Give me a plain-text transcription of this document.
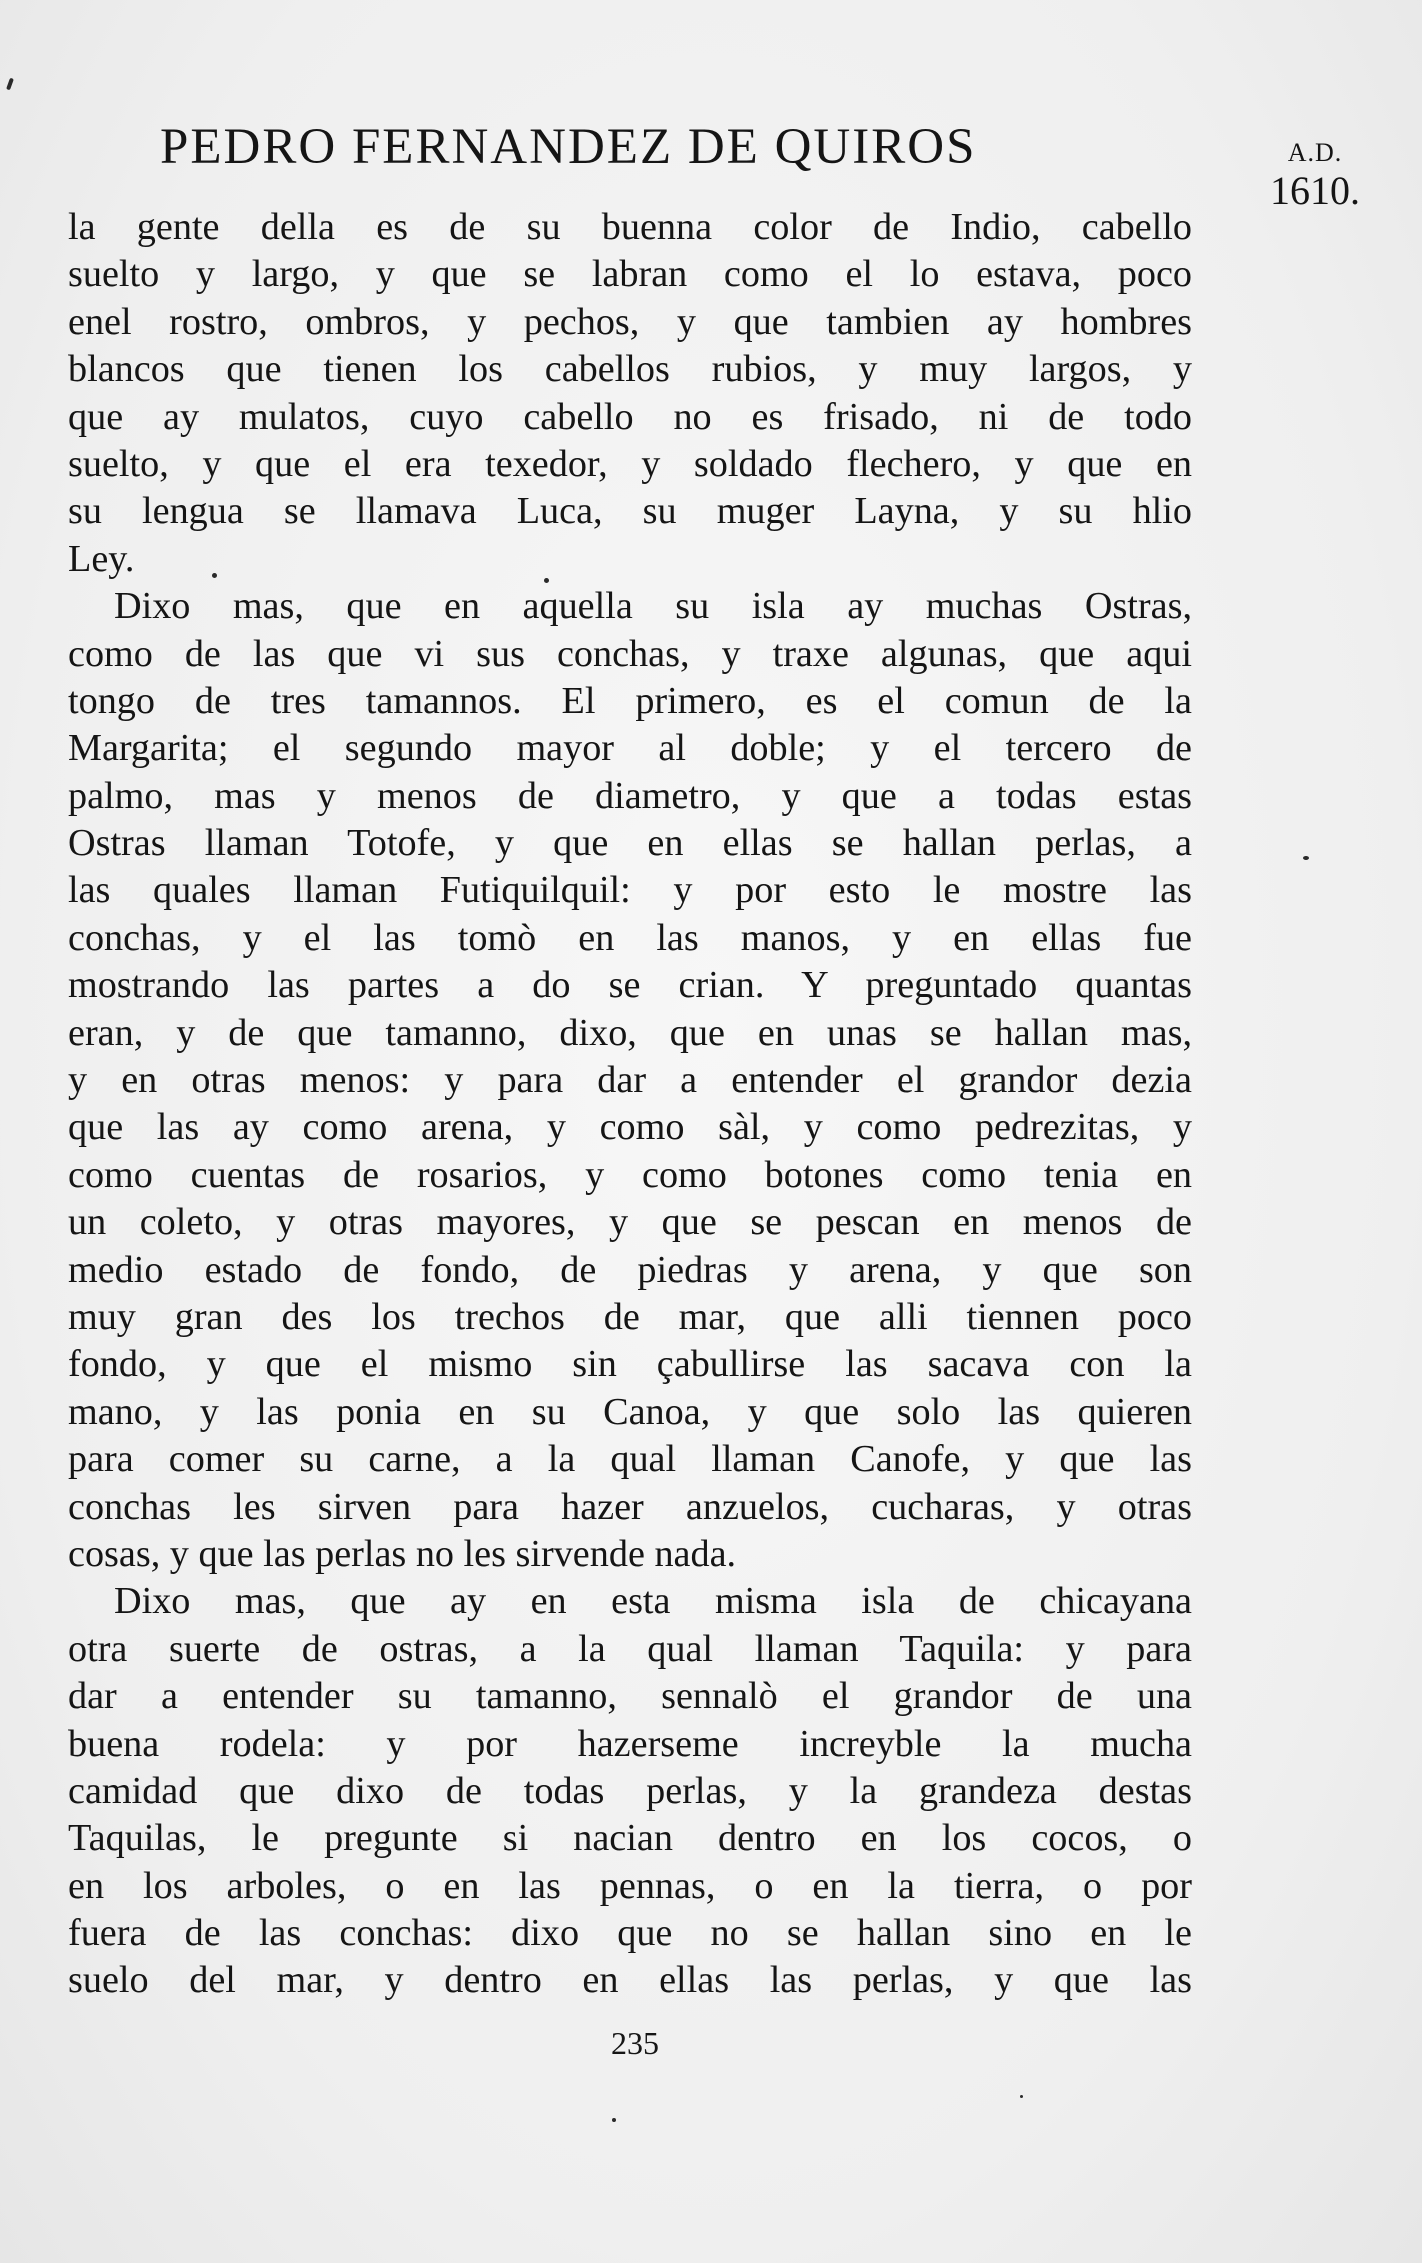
PEDRO FERNANDEZ DE QUIROS	A.D.
1610.
la gente della es de su buenna color de Indio, cabello
suelto y largo, y que se labran como el lo estava, poco
enel rostro, ombros, y pechos, y que tambien ay hombres
blancos que tienen los cabellos rubios, y muy largos, y
que ay mulatos, cuyo cabello no es frisado, ni de todo
suelto, y que el era texedor, y soldado flechero, y que en
su lengua se llamava Luca, su muger Layna, y su hlio
Ley.
Dixo mas, que en aquella su isla ay muchas Ostras,
como de las que vi sus conchas, y traxe algunas, que aqui
tongo de tres tamannos. El primero, es el comun de la
Margarita; el segundo mayor al doble; y el tercero de
palmo, mas y menos de diametro, y que a todas estas
Ostras llaman Totofe, y que en ellas se hallan perlas, a
las quales llaman Futiquilquil: y por esto le mostre las
conchas, y el las tomò en las manos, y en ellas fue
mostrando las partes a do se crian. Y preguntado quantas
eran, y de que tamanno, dixo, que en unas se hallan mas,
y en otras menos: y para dar a entender el grandor dezia
que las ay como arena, y como sàl, y como pedrezitas, y
como cuentas de rosarios, y como botones como tenia en
un coleto, y otras mayores, y que se pescan en menos de
medio estado de fondo, de piedras y arena, y que son
muy gran des los trechos de mar, que alli tiennen poco
fondo, y que el mismo sin çabullirse las sacava con la
mano, y las ponia en su Canoa, y que solo las quieren
para comer su carne, a la qual llaman Canofe, y que las
conchas les sirven para hazer anzuelos, cucharas, y otras
cosas, y que las perlas no les sirvende nada.
Dixo mas, que ay en esta misma isla de chicayana
otra suerte de ostras, a la qual llaman Taquila: y para
dar a entender su tamanno, sennalò el grandor de una
buena rodela: y por hazerseme increyble la mucha
camidad que dixo de todas perlas, y la grandeza destas
Taquilas, le pregunte si nacian dentro en los cocos, o
en los arboles, o en las pennas, o en la tierra, o por
fuera de las conchas: dixo que no se hallan sino en le
suelo del mar, y dentro en ellas las perlas, y que las
235
